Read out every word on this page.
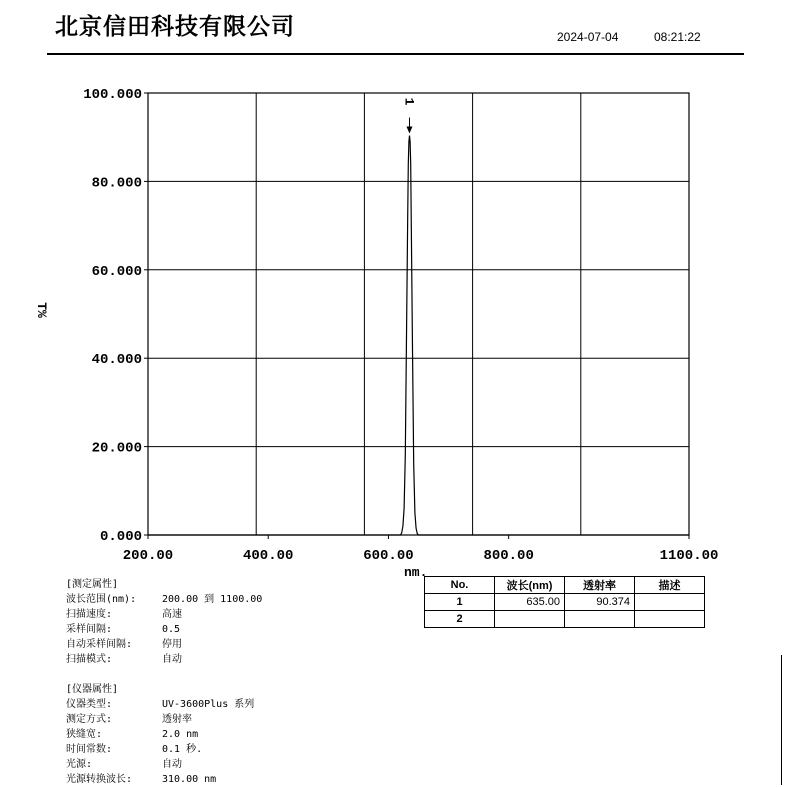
北京信田科技有限公司	2024-07-04	08:21:22
0.000
20.000
40.000
60.000
80.000
100.000
200.00	400.00	600.00	800.00	1100.00
1
T%
nm.
[测定属性]
波长范围(nm):	200.00 到 1100.00
扫描速度:	高速
采样间隔:	0.5
自动采样间隔:	停用
扫描模式:	自动
[仪器属性]
仪器类型:	UV-3600Plus 系列
测定方式:	透射率
狭缝宽:	2.0 nm
时间常数:	0.1 秒.
光源:	自动
光源转换波长:	310.00 nm
No.	波长(nm)	透射率	描述
1	635.00	90.374	
2			
